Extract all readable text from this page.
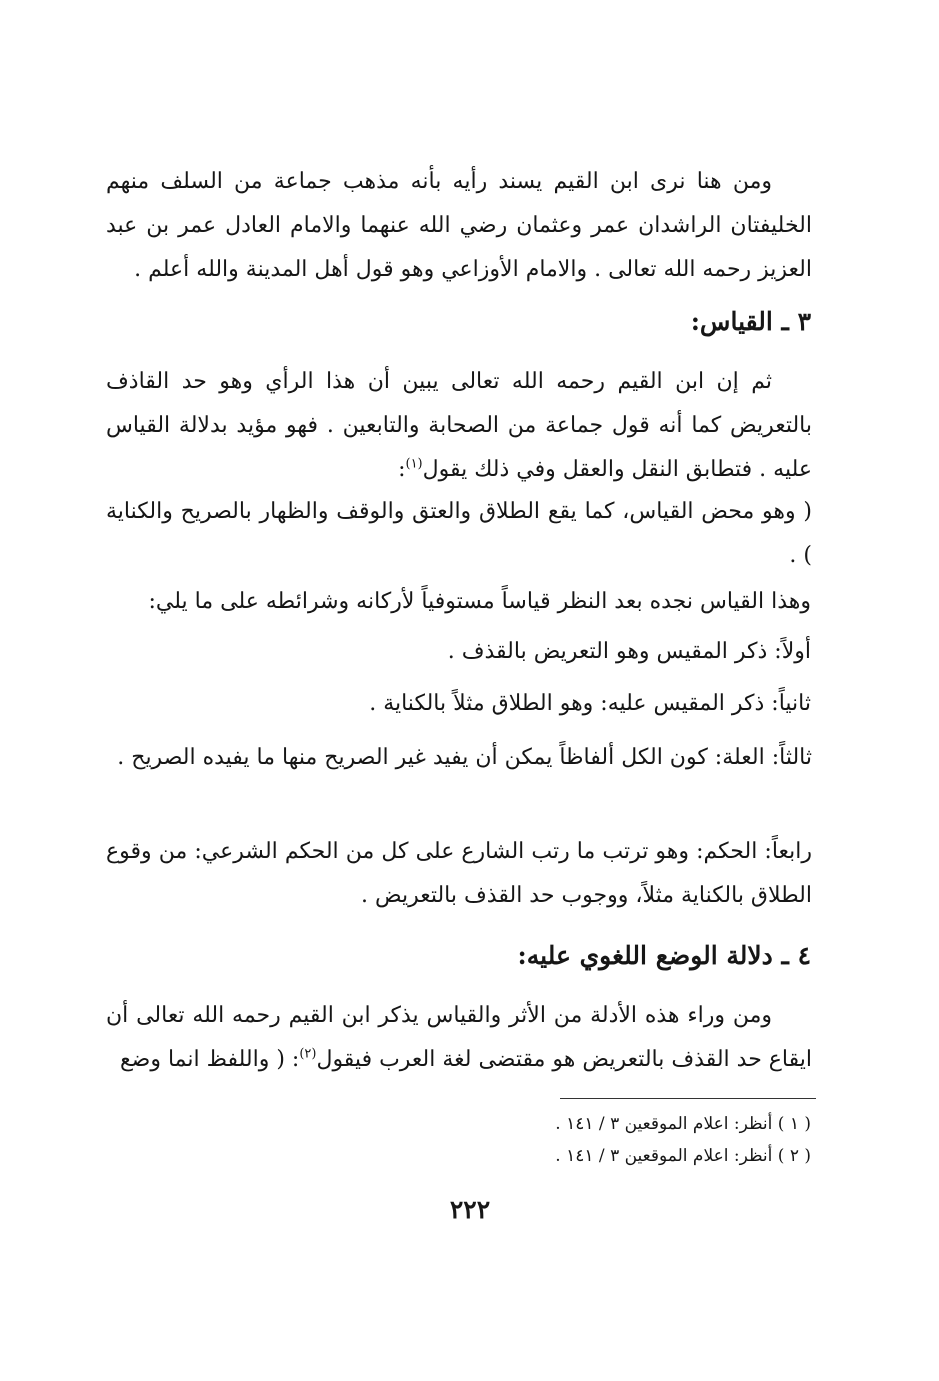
ومن هنا نرى ابن القيم يسند رأيه بأنه مذهب جماعة من السلف منهم الخليفتان الراشدان عمر وعثمان رضي الله عنهما والامام العادل عمر بن عبد العزيز رحمه الله تعالى . والامام الأوزاعي وهو قول أهل المدينة والله أعلم .

٣ ـ القياس:

ثم إن ابن القيم رحمه الله تعالى يبين أن هذا الرأي وهو حد القاذف بالتعريض كما أنه قول جماعة من الصحابة والتابعين . فهو مؤيد بدلالة القياس عليه . فتطابق النقل والعقل وفي ذلك يقول$^{(١)}$:

( وهو محض القياس، كما يقع الطلاق والعتق والوقف والظهار بالصريح والكناية ) .

وهذا القياس نجده بعد النظر قياساً مستوفياً لأركانه وشرائطه على ما يلي:
أولاً: ذكر المقيس وهو التعريض بالقذف .
ثانياً: ذكر المقيس عليه: وهو الطلاق مثلاً بالكناية .

ثالثاً: العلة: كون الكل ألفاظاً يمكن أن يفيد غير الصريح منها ما يفيده الصريح .

رابعاً: الحكم: وهو ترتب ما رتب الشارع على كل من الحكم الشرعي: من وقوع الطلاق بالكناية مثلاً، ووجوب حد القذف بالتعريض .

٤ ـ دلالة الوضع اللغوي عليه:

ومن وراء هذه الأدلة من الأثر والقياس يذكر ابن القيم رحمه الله تعالى أن ايقاع حد القذف بالتعريض هو مقتضى لغة العرب فيقول$^{(٢)}$: ( واللفظ انما وضع

( ١ ) أنظر: اعلام الموقعين ٣ / ١٤١ .
( ٢ ) أنظر: اعلام الموقعين ٣ / ١٤١ .
٢٢٢
